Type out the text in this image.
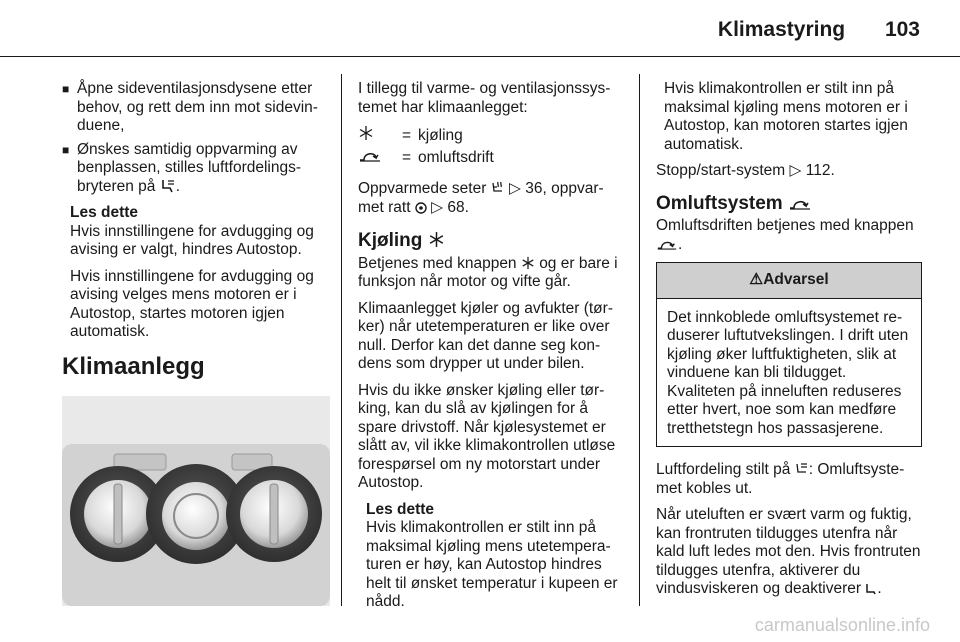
Klimastyring 103
■ Åpne sideventilasjonsdysene etter behov, og rett dem inn mot sidevinduene,
■ Ønskes samtidig oppvarming av benplassen, stilles luftfordelingsbryteren på .
Les dette

Hvis innstillingene for avdugging og avising er valgt, hindres Autostop.

Hvis innstillingene for avdugging og avising velges mens motoren er i Autostop, startes motoren igjen automatisk.

Klimaanlegg

I tillegg til varme- og ventilasjonssystemet har klimaanlegget:

= kjøling
= omluftsdrift

Oppvarmede seter ▷ 36, oppvarmet ratt ▷ 68.

Kjøling

Betjenes med knappen og er bare i funksjon når motor og vifte går.

Klimaanlegget kjøler og avfukter (tørker) når utetemperaturen er like over null. Derfor kan det danne seg kondens som drypper ut under bilen.

Hvis du ikke ønsker kjøling eller tørking, kan du slå av kjølingen for å spare drivstoff. Når kjølesystemet er slått av, vil ikke klimakontrollen utløse forespørsel om ny motorstart under Autostop.

Les dette

Hvis klimakontrollen er stilt inn på maksimal kjøling mens utetemperaturen er høy, kan Autostop hindres helt til ønsket temperatur i kupeen er nådd.

Hvis klimakontrollen er stilt inn på maksimal kjøling mens motoren er i Autostop, kan motoren startes igjen automatisk.

Stopp/start-system ▷ 112.

Omluftsystem

Omluftsdriften betjenes med knappen .

⚠Advarsel
Det innkoblede omluftsystemet reduserer luftutvekslingen. I drift uten kjøling øker luftfuktigheten, slik at vinduene kan bli tildugget. Kvaliteten på inneluften reduseres etter hvert, noe som kan medføre tretthetstegn hos passasjerene.

Luftfordeling stilt på : Omluftsystemet kobles ut.

Når uteluften er svært varm og fuktig, kan frontruten tildugges utenfra når kald luft ledes mot den. Hvis frontruten tildugges utenfra, aktiverer du vindusviskeren og deaktiverer .

carmanualsonline.info
